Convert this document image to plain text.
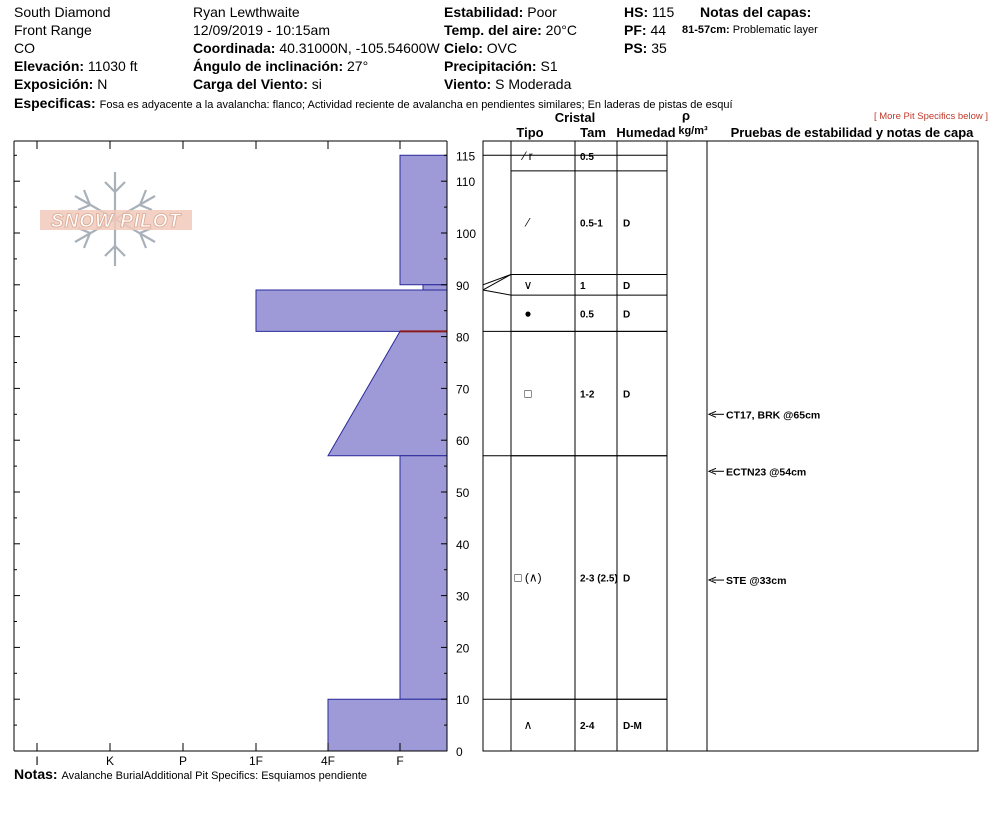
South Diamond
Front Range
CO
Elevación: 11030 ft
Exposición: N
Ryan Lewthwaite
12/09/2019 - 10:15am
Coordinada: 40.31000N, -105.54600W
Ángulo de inclinación: 27°
Carga del Viento: si
Estabilidad: Poor
Temp. del aire: 20°C
Cielo: OVC
Precipitación: S1
Viento: S Moderada
HS: 115
PF: 44
PS: 35
Notas del capas:
81-57cm: Problematic layer
Especificas: Fosa es adyacente a la avalancha: flanco; Actividad reciente de avalancha en pendientes similares; En laderas de pistas de esquí
[ More Pit Specifics below ]
SNOW PILOT
0
10
20
30
40
50
60
70
80
90
100
110
115
I	K	P	1F	4F	F
⁄ r	0.5
⁄	0.5-1 D
∨	1	D
●	0.5	D
□	1-2	D
□ (∧)	2-3 (2.5) D
∧	2-4	D-M
CT17, BRK @65cm
ECTN23 @54cm
STE @33cm
Cristal
Tipo	Tam Humedad
ρ
kg/m³ Pruebas de estabilidad y notas de capa
Notas: Avalanche BurialAdditional Pit Specifics: Esquiamos pendiente
